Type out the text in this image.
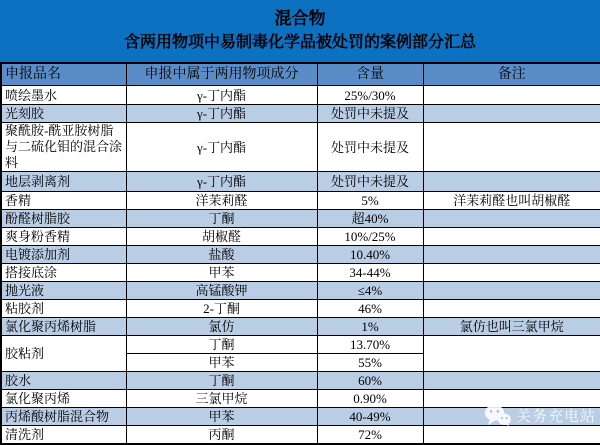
混合物
含两用物项中易制毒化学品被处罚的案例部分汇总
申报品名	申报中属于两用物项成分	含量	备注
喷绘墨水	γ-丁内酯	25%/30%	
光刻胶	γ-丁内酯	处罚中未提及	
聚酰胺-酰亚胺树脂与二硫化钼的混合涂料	γ-丁内酯	处罚中未提及	
地层剥离剂	γ-丁内酯	处罚中未提及	
香精	洋茉莉醛	5%	洋茉莉醛也叫胡椒醛
酚醛树脂胶	丁酮	超40%	
爽身粉香精	胡椒醛	10%/25%	
电镀添加剂	盐酸	10.40%	
搭接底涂	甲苯	34-44%	
抛光液	高锰酸钾	≤4%	
粘胶剂	2-丁酮	46%	
氯化聚丙烯树脂	氯仿	1%	氯仿也叫三氯甲烷
胶粘剂	丁酮	13.70%	
	甲苯	55%	
胶水	丁酮	60%	
氯化聚丙烯	三氯甲烷	0.90%	
丙烯酸树脂混合物	甲苯	40-49%	
清洗剂	丙酮	72%	
关务充电站
